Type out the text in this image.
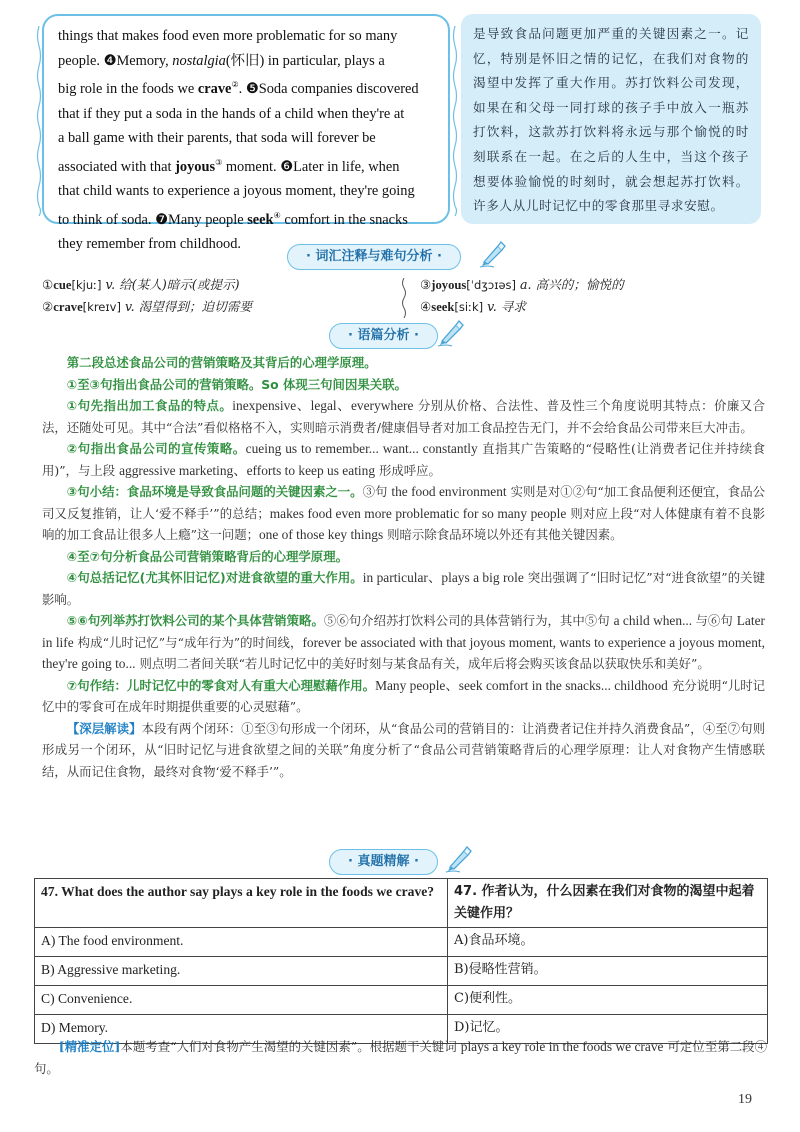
things that makes food even more problematic for so many

people. ❹Memory, nostalgia(怀旧) in particular, plays a

big role in the foods we crave②. ❺Soda companies discovered

that if they put a soda in the hands of a child when they're at

a ball game with their parents, that soda will forever be

associated with that joyous③ moment. ❻Later in life, when

that child wants to experience a joyous moment, they're going

to think of soda. ❼Many people seek④ comfort in the snacks

they remember from childhood.

是导致食品问题更加严重的关键因素之一。记忆，特别是怀旧之情的记忆，在我们对食物的渴望中发挥了重大作用。苏打饮料公司发现，如果在和父母一同打球的孩子手中放入一瓶苏打饮料，这款苏打饮料将永远与那个愉悦的时刻联系在一起。在之后的人生中，当这个孩子想要体验愉悦的时刻时，就会想起苏打饮料。许多人从儿时记忆中的零食那里寻求安慰。
· 词汇注释与难句分析 ·
①cue[kjuː] v. 给(某人)暗示(或提示)
②crave[kreɪv] v. 渴望得到；迫切需要
③joyous[ˈdʒɔɪəs] a. 高兴的；愉悦的
④seek[siːk] v. 寻求
· 语篇分析 ·

第二段总述食品公司的营销策略及其背后的心理学原理。

①至③句指出食品公司的营销策略。So 体现三句间因果关联。

①句先指出加工食品的特点。inexpensive、legal、everywhere 分别从价格、合法性、普及性三个角度说明其特点：价廉又合法，还随处可见。其中“合法”看似格格不入，实则暗示消费者/健康倡导者对加工食品控告无门，并不会给食品公司带来巨大冲击。

②句指出食品公司的宣传策略。cueing us to remember... want... constantly 直指其广告策略的“侵略性(让消费者记住并持续食用)”，与上段 aggressive marketing、efforts to keep us eating 形成呼应。

③句小结：食品环境是导致食品问题的关键因素之一。③句 the food environment 实则是对①②句“加工食品便利还便宜，食品公司又反复推销，让人‘爱不释手’”的总结；makes food even more problematic for so many people 则对应上段“对人体健康有着不良影响的加工食品让很多人上瘾”这一问题；one of those key things 则暗示除食品环境以外还有其他关键因素。

④至⑦句分析食品公司营销策略背后的心理学原理。

④句总括记忆(尤其怀旧记忆)对进食欲望的重大作用。in particular、plays a big role 突出强调了“旧时记忆”对“进食欲望”的关键影响。

⑤⑥句列举苏打饮料公司的某个具体营销策略。⑤⑥句介绍苏打饮料公司的具体营销行为，其中⑤句 a child when... 与⑥句 Later in life 构成“儿时记忆”与“成年行为”的时间线，forever be associated with that joyous moment, wants to experience a joyous moment, they're going to... 则点明二者间关联“若儿时记忆中的美好时刻与某食品有关，成年后将会购买该食品以获取快乐和美好”。

⑦句作结：儿时记忆中的零食对人有重大心理慰藉作用。Many people、seek comfort in the snacks... childhood 充分说明“儿时记忆中的零食可在成年时期提供重要的心灵慰藉”。

【深层解读】本段有两个闭环：①至③句形成一个闭环，从“食品公司的营销目的：让消费者记住并持久消费食品”，④至⑦句则形成另一个闭环，从“旧时记忆与进食欲望之间的关联”角度分析了“食品公司营销策略背后的心理学原理：让人对食物产生情感联结，从而记住食物，最终对食物‘爱不释手’”。

· 真题精解 ·
47. What does the author say plays a key role in the foods we crave?	47. 作者认为，什么因素在我们对食物的渴望中起着关键作用？
A) The food environment.	A)食品环境。
B) Aggressive marketing.	B)侵略性营销。
C) Convenience.	C)便利性。
D) Memory.	D)记忆。
[精准定位]本题考查“人们对食物产生渴望的关键因素”。根据题干关键词 plays a key role in the foods we crave 可定位至第二段④句。
19
